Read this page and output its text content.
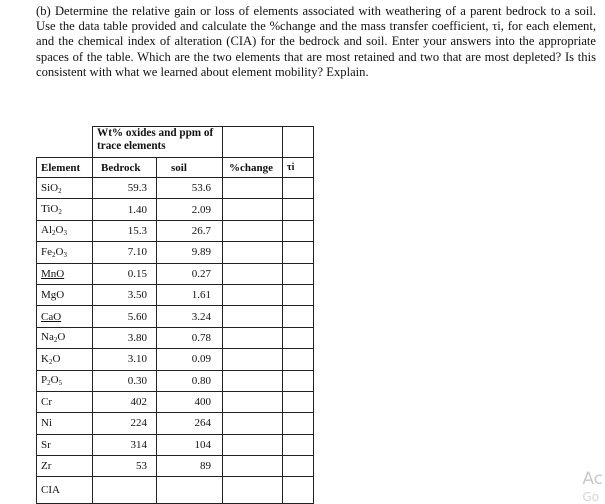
(b) Determine the relative gain or loss of elements associated with weathering of a parent bedrock to a soil. Use the data table provided and calculate the %change and the mass transfer coefficient, τi, for each element, and the chemical index of alteration (CIA) for the bedrock and soil. Enter your answers into the appropriate spaces of the table. Which are the two elements that are most retained and two that are most depleted? Is this consistent with what we learned about element mobility? Explain.
	Wt% oxides and ppm of trace elements			
Element	Bedrock	soil	%change	τi
SiO$_2$	59.3	53.6		
TiO$_2$	1.40	2.09		
$Al_2O_3$	15.3	26.7		
$Fe_2O_3$	7.10	9.89		
MnO	0.15	0.27		
MgO	3.50	1.61		
CaO	5.60	3.24		
$Na_2O$	3.80	0.78		
$K_2O$	3.10	0.09		
$P_2O_5$	0.30	0.80		
Cr	402	400		
Ni	224	264		
Sr	314	104		
Zr	53	89		
CIA				
Ac
Go
